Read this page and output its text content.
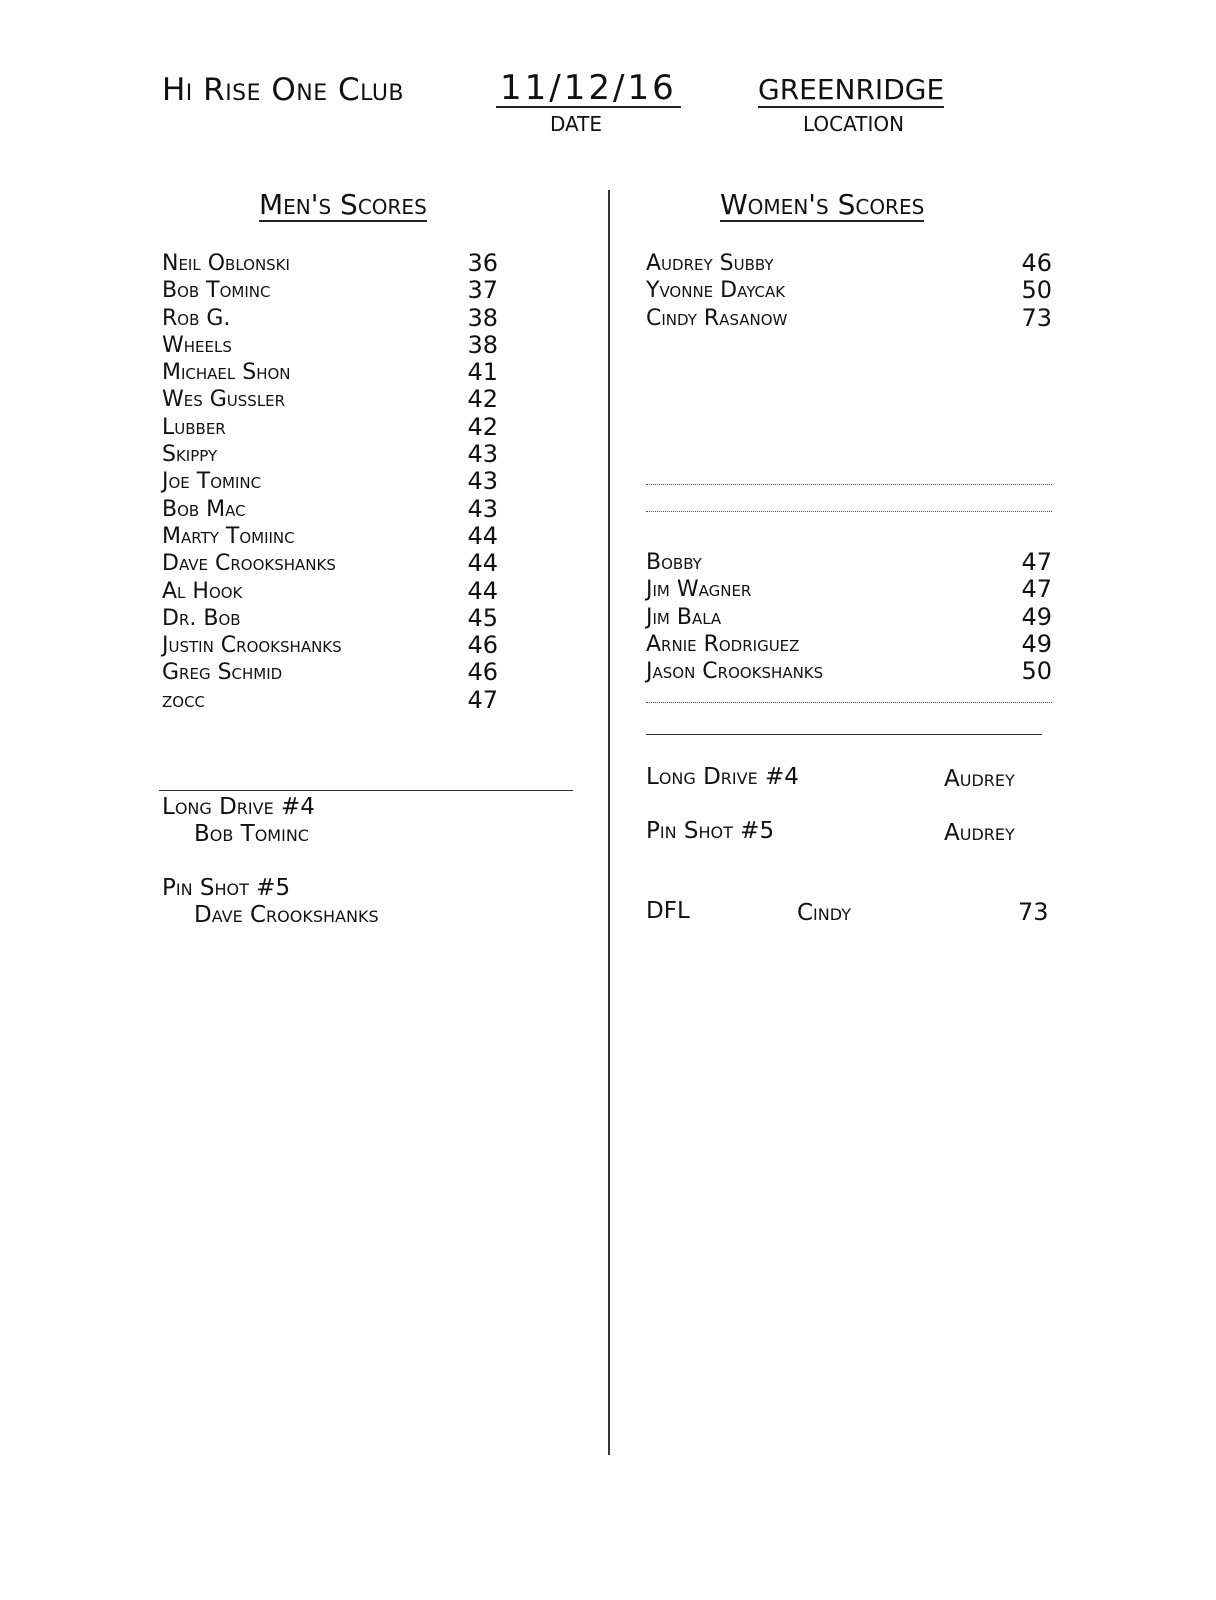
Hi Rise One Club	11/12/16
DATE
GREENRIDGE
LOCATION
Men's Scores	Women's Scores
Neil Oblonski	36
Bob Tominc	37
Rob G.	38
Wheels	38
Michael Shon	41
Wes Gussler	42
Lubber	42
Skippy	43
Joe Tominc	43
Bob Mac	43
Marty Tomiinc	44
Dave Crookshanks	44
Al Hook	44
Dr. Bob	45
Justin Crookshanks	46
Greg Schmid	46
zocc	47
Long Drive #4
Bob Tominc
Pin Shot #5
Dave Crookshanks
Audrey Subby	46
Yvonne Daycak	50
Cindy Rasanow	73
Bobby	47
Jim Wagner	47
Jim Bala	49
Arnie Rodriguez	49
Jason Crookshanks	50
Long Drive #4	Audrey
Pin Shot #5	Audrey
DFL	Cindy	73
